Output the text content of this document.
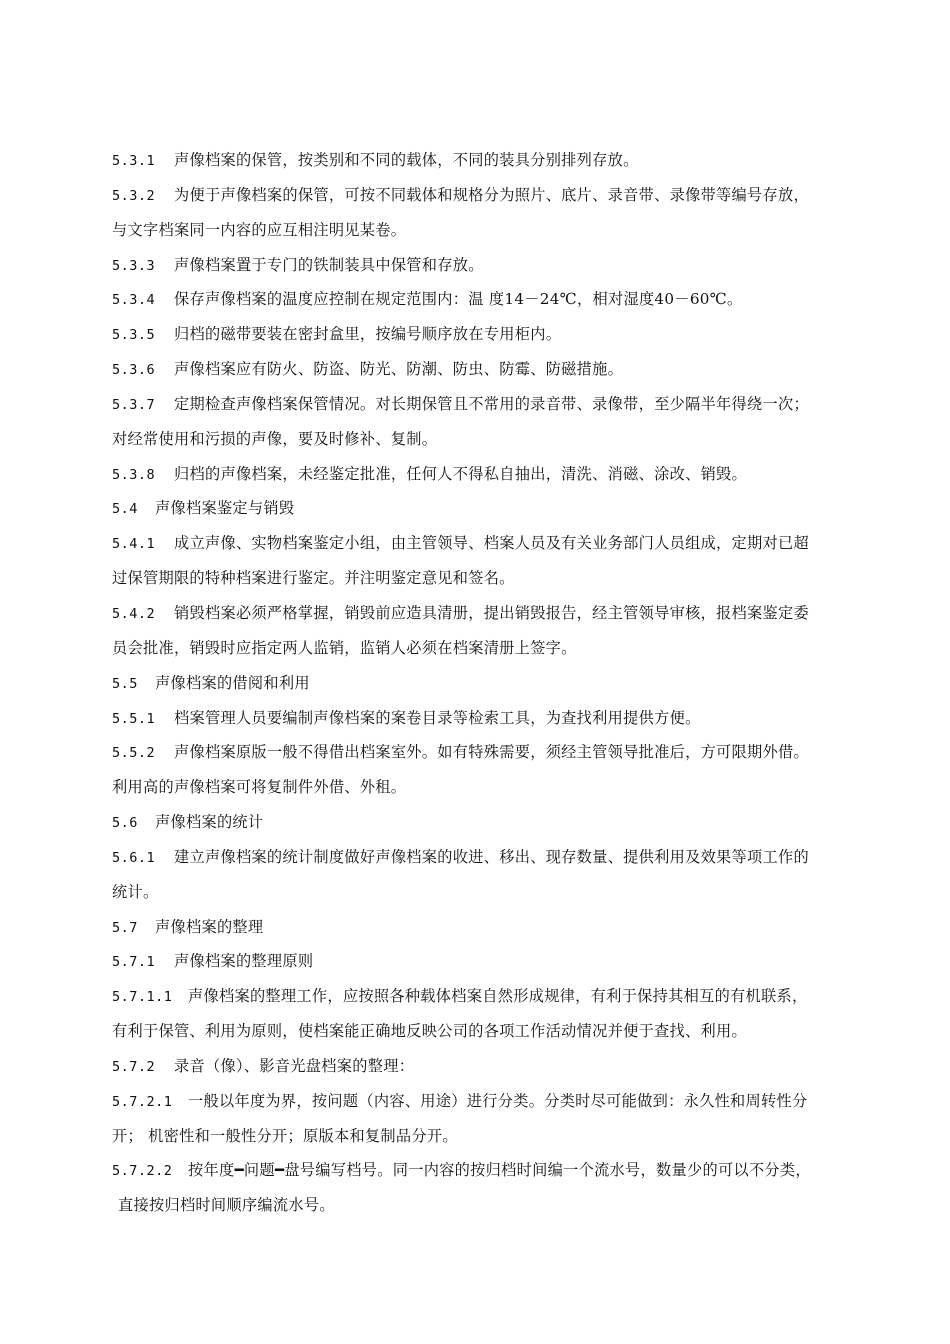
5.3.1 声像档案的保管，按类别和不同的载体，不同的装具分别排列存放。
5.3.2 为便于声像档案的保管，可按不同载体和规格分为照片、底片、录音带、录像带等编号存放，
与文字档案同一内容的应互相注明见某卷。
5.3.3 声像档案置于专门的铁制装具中保管和存放。
5.3.4 保存声像档案的温度应控制在规定范围内：温 度14－24℃，相对湿度40－60℃。
5.3.5 归档的磁带要装在密封盒里，按编号顺序放在专用柜内。
5.3.6 声像档案应有防火、防盗、防光、防潮、防虫、防霉、防磁措施。
5.3.7 定期检查声像档案保管情况。对长期保管且不常用的录音带、录像带，至少隔半年得绕一次；
对经常使用和污损的声像，要及时修补、复制。
5.3.8 归档的声像档案，未经鉴定批准，任何人不得私自抽出，清洗、消磁、涂改、销毁。
5.4 声像档案鉴定与销毁
5.4.1 成立声像、实物档案鉴定小组，由主管领导、档案人员及有关业务部门人员组成，定期对已超
过保管期限的特种档案进行鉴定。并注明鉴定意见和签名。
5.4.2 销毁档案必须严格掌握，销毁前应造具清册，提出销毁报告，经主管领导审核，报档案鉴定委
员会批准，销毁时应指定两人监销，监销人必须在档案清册上签字。
5.5 声像档案的借阅和利用
5.5.1 档案管理人员要编制声像档案的案卷目录等检索工具，为查找利用提供方便。
5.5.2 声像档案原版一般不得借出档案室外。如有特殊需要，须经主管领导批准后，方可限期外借。
利用高的声像档案可将复制件外借、外租。
5.6 声像档案的统计
5.6.1 建立声像档案的统计制度做好声像档案的收进、移出、现存数量、提供利用及效果等项工作的
统计。
5.7 声像档案的整理
5.7.1 声像档案的整理原则
5.7.1.1 声像档案的整理工作，应按照各种载体档案自然形成规律，有利于保持其相互的有机联系，
有利于保管、利用为原则，使档案能正确地反映公司的各项工作活动情况并便于查找、利用。
5.7.2 录音（像）、影音光盘档案的整理：
5.7.2.1 一般以年度为界，按问题（内容、用途）进行分类。分类时尽可能做到：永久性和周转性分
开； 机密性和一般性分开；原版本和复制品分开。
5.7.2.2 按年度━问题━盘号编写档号。同一内容的按归档时间编一个流水号，数量少的可以不分类，
直接按归档时间顺序编流水号。
